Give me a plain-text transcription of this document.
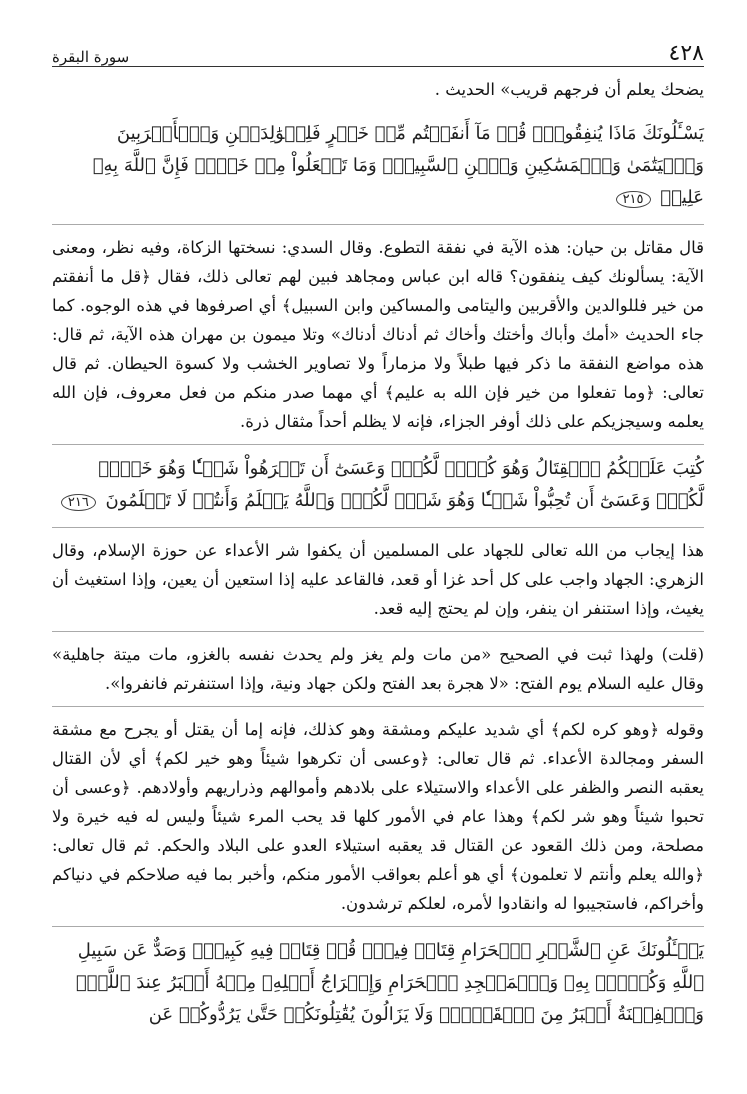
٤٢٨
سورة البقرة

يضحك يعلم أن فرجهم قريب» الحديث .

يَسْـَٔلُونَكَ مَاذَا يُنفِقُونَۖ قُلۡ مَآ أَنفَقۡتُم مِّنۡ خَيۡرٍ فَلِلۡوَٰلِدَيۡنِ وَٱلۡأَقۡرَبِينَ وَٱلۡيَتَٰمَىٰ وَٱلۡمَسَٰكِينِ وَٱبۡنِ ٱلسَّبِيلِۗ وَمَا تَفۡعَلُواْ مِنۡ خَيۡرٖ فَإِنَّ ٱللَّهَ بِهِۦ عَلِيمٞ ٢١٥

قال مقاتل بن حيان: هذه الآية في نفقة التطوع. وقال السدي: نسختها الزكاة، وفيه نظر، ومعنى الآية: يسألونك كيف ينفقون؟ قاله ابن عباس ومجاهد فبين لهم تعالى ذلك، فقال ﴿قل ما أنفقتم من خير فللوالدين والأقربين واليتامى والمساكين وابن السبيل﴾ أي اصرفوها في هذه الوجوه. كما جاء الحديث «أمك وأباك وأختك وأخاك ثم أدناك أدناك» وتلا ميمون بن مهران هذه الآية، ثم قال: هذه مواضع النفقة ما ذكر فيها طبلاً ولا مزماراً ولا تصاوير الخشب ولا كسوة الحيطان. ثم قال تعالى: ﴿وما تفعلوا من خير فإن الله به عليم﴾ أي مهما صدر منكم من فعل معروف، فإن الله يعلمه وسيجزيكم على ذلك أوفر الجزاء، فإنه لا يظلم أحداً مثقال ذرة.

كُتِبَ عَلَيۡكُمُ ٱلۡقِتَالُ وَهُوَ كُرۡهٞ لَّكُمۡۖ وَعَسَىٰٓ أَن تَكۡرَهُواْ شَيۡـٔٗا وَهُوَ خَيۡرٞ لَّكُمۡۖ وَعَسَىٰٓ أَن تُحِبُّواْ شَيۡـٔٗا وَهُوَ شَرّٞ لَّكُمۡۚ وَٱللَّهُ يَعۡلَمُ وَأَنتُمۡ لَا تَعۡلَمُونَ ٢١٦

هذا إيجاب من الله تعالى للجهاد على المسلمين أن يكفوا شر الأعداء عن حوزة الإسلام، وقال الزهري: الجهاد واجب على كل أحد غزا أو قعد، فالقاعد عليه إذا استعين أن يعين، وإذا استغيث أن يغيث، وإذا استنفر ان ينفر، وإن لم يحتج إليه قعد.

(قلت) ولهذا ثبت في الصحيح «من مات ولم يغز ولم يحدث نفسه بالغزو، مات ميتة جاهلية» وقال عليه السلام يوم الفتح: «لا هجرة بعد الفتح ولكن جهاد ونية، وإذا استنفرتم فانفروا».

وقوله ﴿وهو كره لكم﴾ أي شديد عليكم ومشقة وهو كذلك، فإنه إما أن يقتل أو يجرح مع مشقة السفر ومجالدة الأعداء. ثم قال تعالى: ﴿وعسى أن تكرهوا شيئاً وهو خير لكم﴾ أي لأن القتال يعقبه النصر والظفر على الأعداء والاستيلاء على بلادهم وأموالهم وذراريهم وأولادهم. ﴿وعسى أن تحبوا شيئاً وهو شر لكم﴾ وهذا عام في الأمور كلها قد يحب المرء شيئاً وليس له فيه خيرة ولا مصلحة، ومن ذلك القعود عن القتال قد يعقبه استيلاء العدو على البلاد والحكم. ثم قال تعالى: ﴿والله يعلم وأنتم لا تعلمون﴾ أي هو أعلم بعواقب الأمور منكم، وأخبر بما فيه صلاحكم في دنياكم وأخراكم، فاستجيبوا له وانقادوا لأمره، لعلكم ترشدون.

يَسۡـَٔلُونَكَ عَنِ ٱلشَّهۡرِ ٱلۡحَرَامِ قِتَالٖ فِيهِۖ قُلۡ قِتَالٞ فِيهِ كَبِيرٞۚ وَصَدٌّ عَن سَبِيلِ ٱللَّهِ وَكُفۡرُۢ بِهِۦ وَٱلۡمَسۡجِدِ ٱلۡحَرَامِ وَإِخۡرَاجُ أَهۡلِهِۦ مِنۡهُ أَكۡبَرُ عِندَ ٱللَّهِۚ وَٱلۡفِتۡنَةُ أَكۡبَرُ مِنَ ٱلۡقَتۡلِۗ وَلَا يَزَالُونَ يُقَٰتِلُونَكُمۡ حَتَّىٰ يَرُدُّوكُمۡ عَن
